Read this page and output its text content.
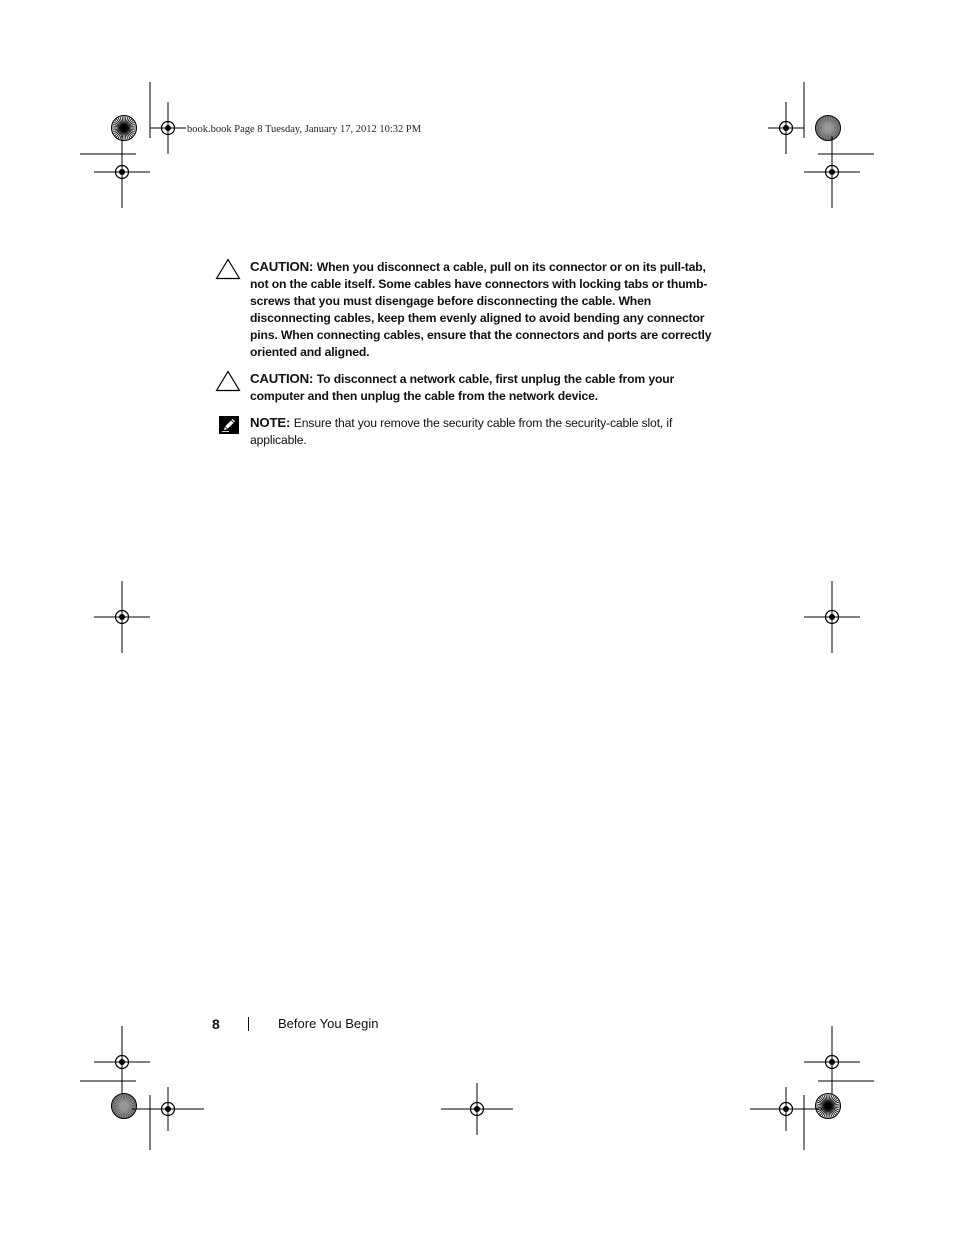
book.book Page 8 Tuesday, January 17, 2012 10:32 PM
CAUTION: When you disconnect a cable, pull on its connector or on its pull-tab, not on the cable itself. Some cables have connectors with locking tabs or thumb-screws that you must disengage before disconnecting the cable. When disconnecting cables, keep them evenly aligned to avoid bending any connector pins. When connecting cables, ensure that the connectors and ports are correctly oriented and aligned.
CAUTION: To disconnect a network cable, first unplug the cable from your computer and then unplug the cable from the network device.
NOTE: Ensure that you remove the security cable from the security-cable slot, if applicable.
8	Before You Begin
